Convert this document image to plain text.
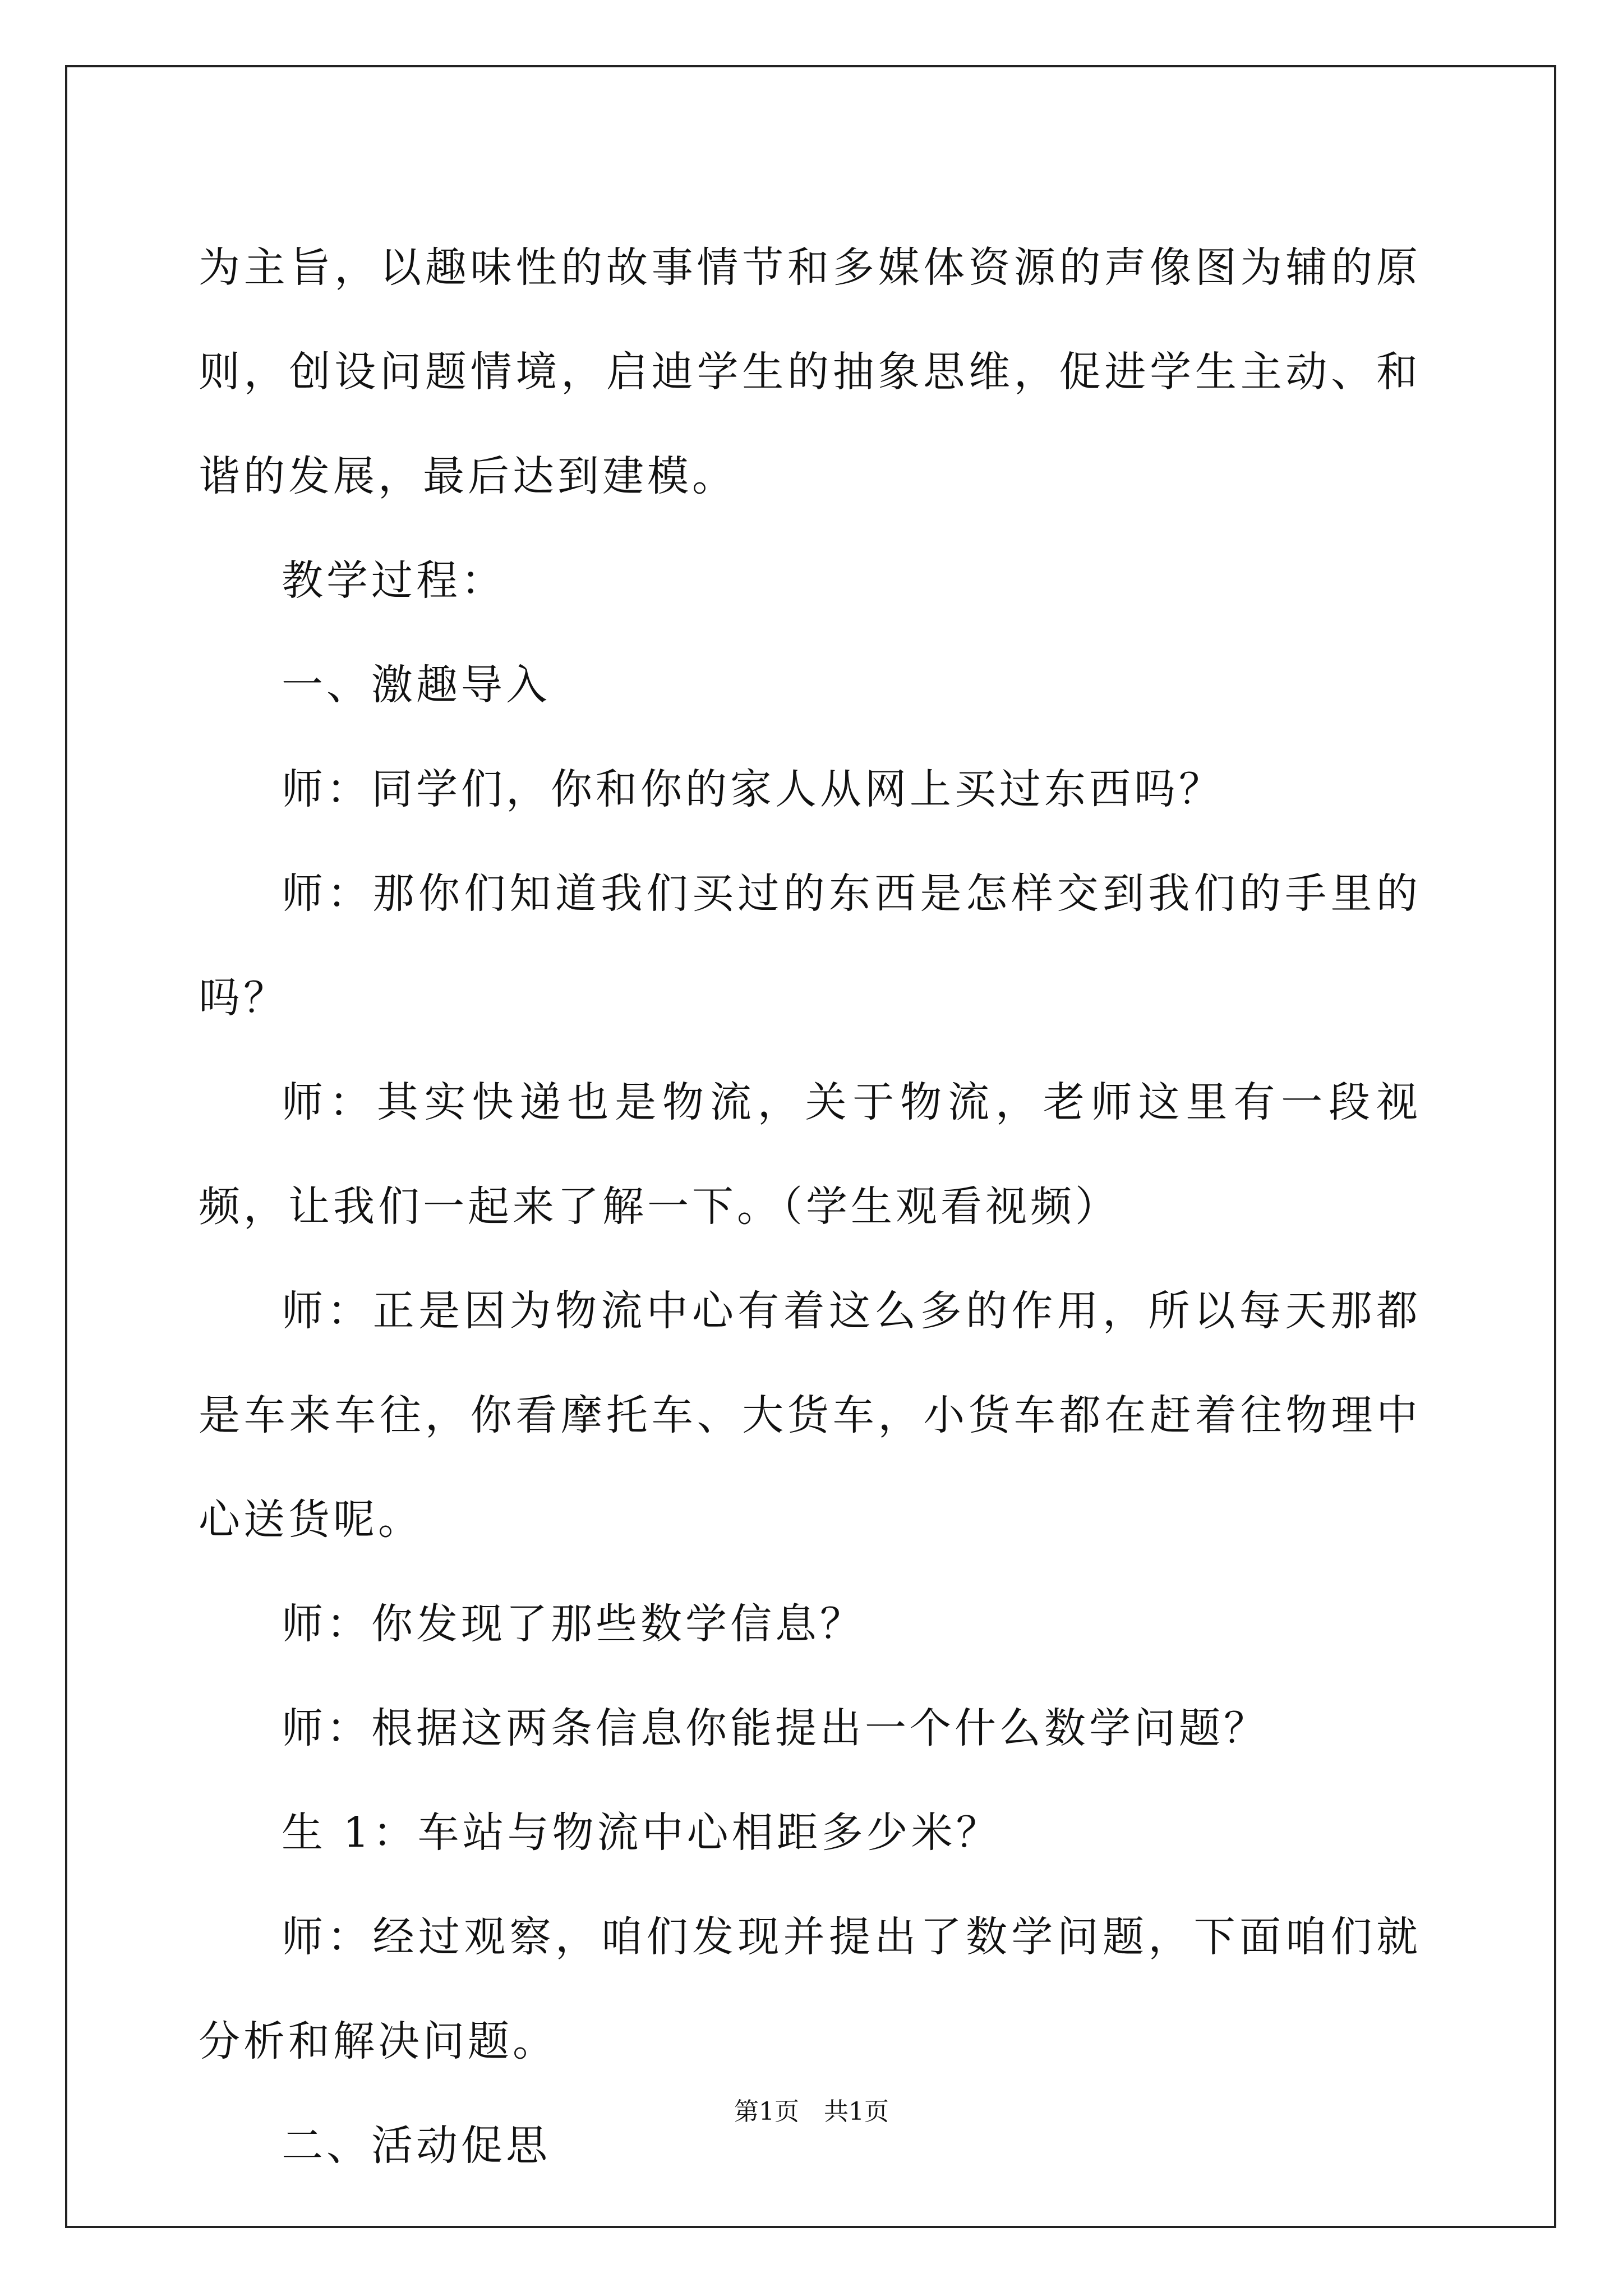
为主旨，以趣味性的故事情节和多媒体资源的声像图为辅的原则，创设问题情境，启迪学生的抽象思维，促进学生主动、和谐的发展，最后达到建模。

教学过程：

一、激趣导入

师：同学们，你和你的家人从网上买过东西吗？

师：那你们知道我们买过的东西是怎样交到我们的手里的吗？

师：其实快递也是物流，关于物流，老师这里有一段视频，让我们一起来了解一下。（学生观看视频）

师：正是因为物流中心有着这么多的作用，所以每天那都是车来车往，你看摩托车、大货车，小货车都在赶着往物理中心送货呢。

师：你发现了那些数学信息？

师：根据这两条信息你能提出一个什么数学问题？

生 1：车站与物流中心相距多少米？

师：经过观察，咱们发现并提出了数学问题，下面咱们就分析和解决问题。

二、活动促思

第1页　共1页
